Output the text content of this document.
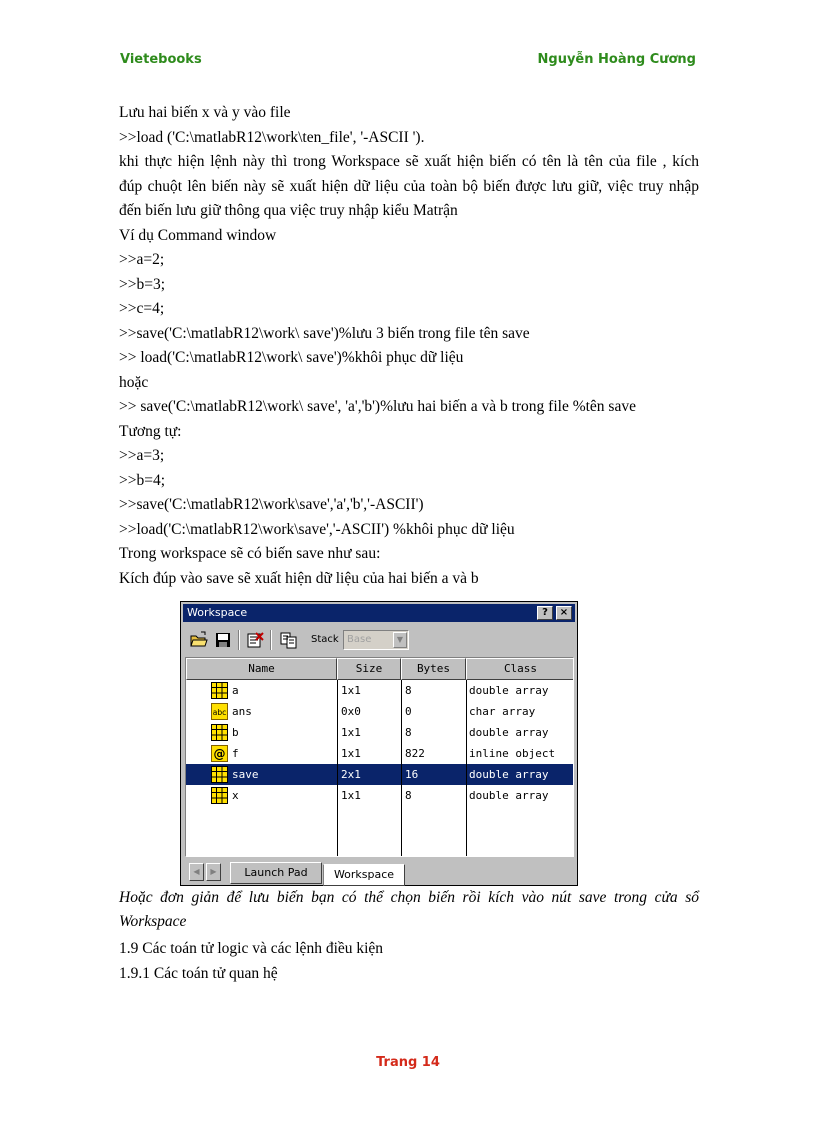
Vietebooks	Nguyễn Hoàng Cương
Lưu hai biến x và y vào file
>>load ('C:\matlabR12\work\ten_file', '-ASCII ').
khi thực hiện lệnh này thì trong Workspace sẽ xuất hiện biến có tên là tên của file , kích
đúp chuột lên biến này sẽ xuất hiện dữ liệu của toàn bộ biến được lưu giữ, việc truy nhập
đến biến lưu giữ thông qua việc truy nhập kiểu Matrận
Ví dụ Command window
>>a=2;
>>b=3;
>>c=4;
>>save('C:\matlabR12\work\ save')%lưu 3 biến trong file tên save
>> load('C:\matlabR12\work\ save')%khôi phục dữ liệu
hoặc
>> save('C:\matlabR12\work\ save', 'a','b')%lưu hai biến a và b trong file %tên save
Tương tự:
>>a=3;
>>b=4;
>>save('C:\matlabR12\work\save','a','b','-ASCII')
>>load('C:\matlabR12\work\save','-ASCII') %khôi phục dữ liệu
Trong workspace sẽ có biến save như sau:
Kích đúp vào save sẽ xuất hiện dữ liệu của hai biến a và b
Workspace	?	×
Stack Base	▼
Name	Size	Bytes	Class
a	1x1	8	double array
abc ans	0x0	0	char array
b	1x1	8	double array
@ f	1x1	822	inline object
save	2x1	16	double array
x	1x1	8	double array
◀	▶	Launch Pad	Workspace
Hoặc đơn giản để lưu biến bạn có thể chọn biến rồi kích vào nút save trong cửa sổ
Workspace
1.9 Các toán tử logic và các lệnh điều kiện
1.9.1 Các toán tử quan hệ
Trang 14
